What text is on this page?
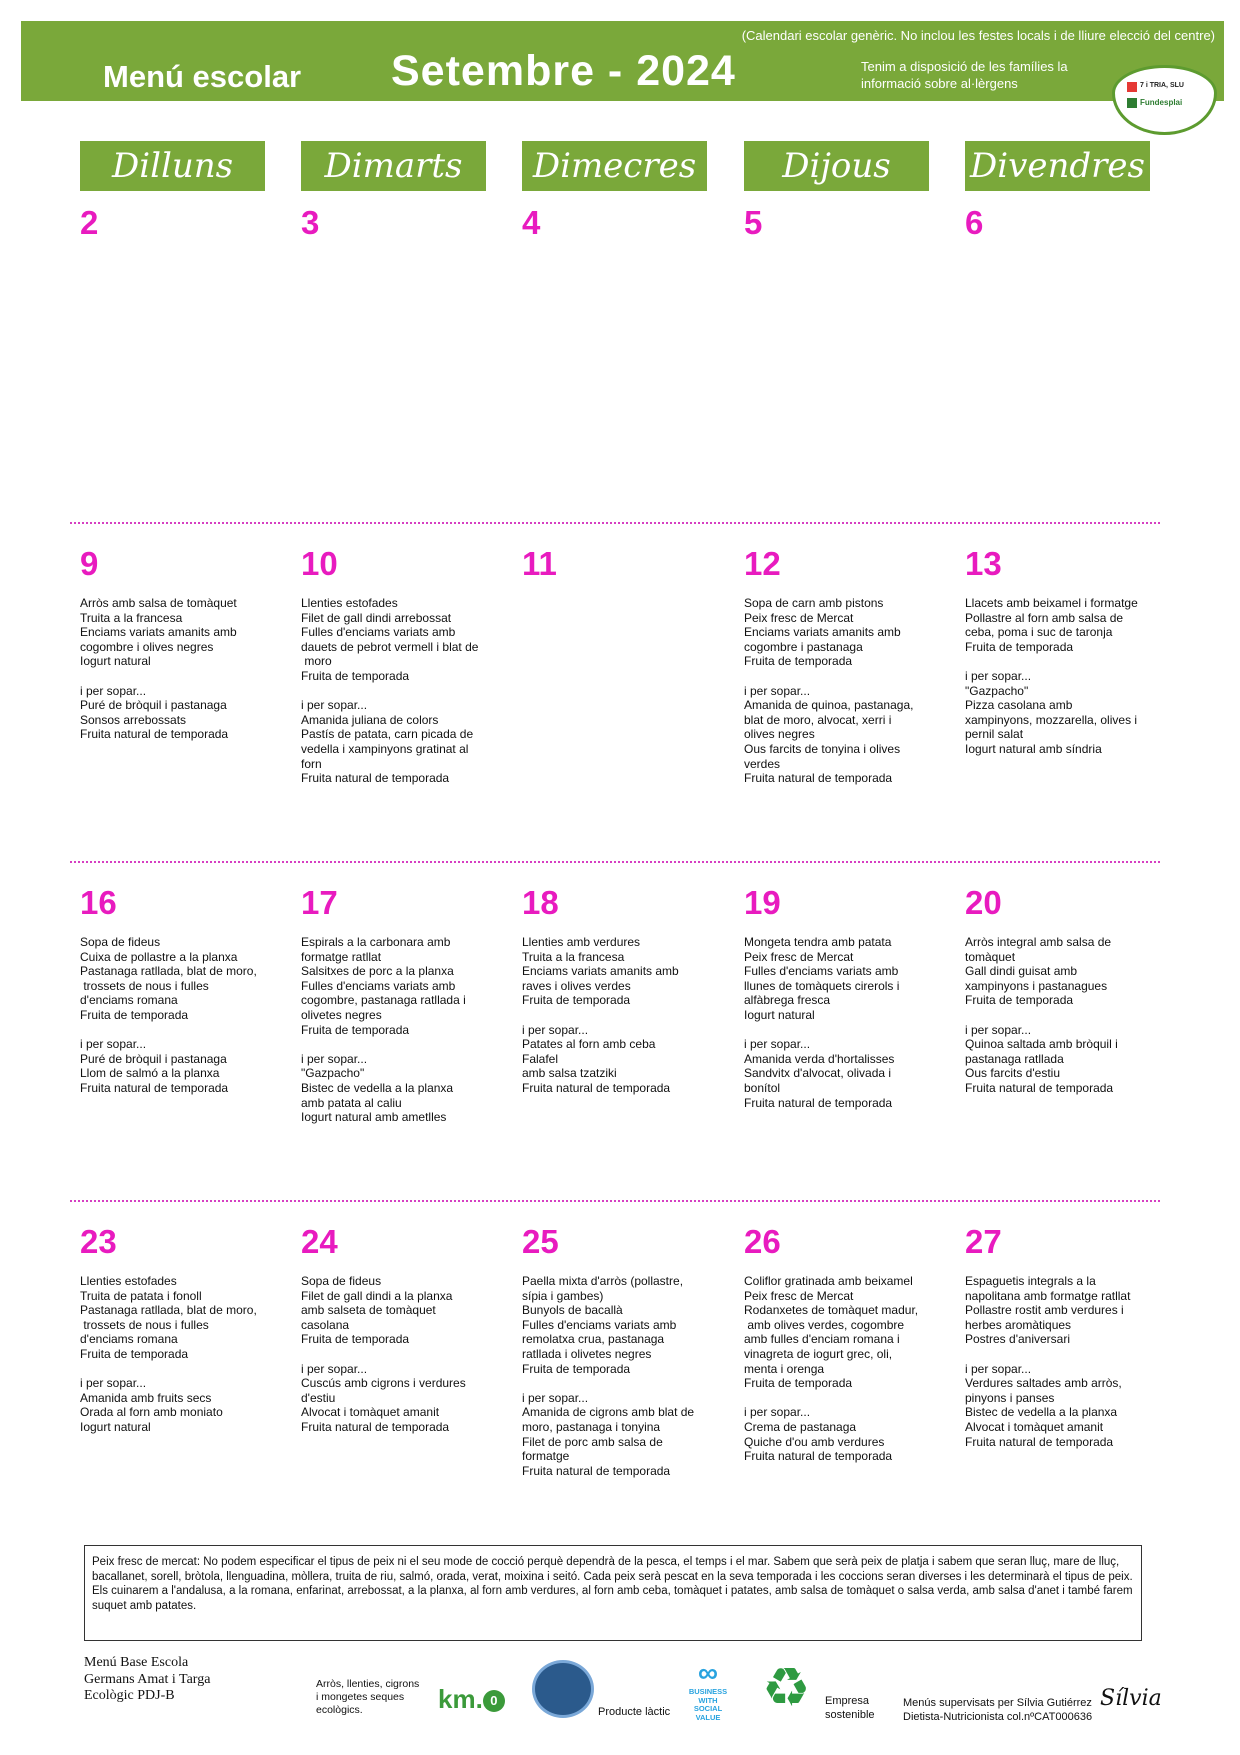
(Calendari escolar genèric. No inclou les festes locals i de lliure elecció del centre)
Menú escolar Setembre - 2024	Tenim a disposició de les famílies la informació sobre al·lèrgens	7 i TRIA, SLU
Fundesplai
Dilluns	Dimarts	Dimecres	Dijous	Divendres
2	3	4	5	6
9
Arròs amb salsa de tomàquet
Truita a la francesa
Enciams variats amanits amb
cogombre i olives negres
Iogurt natural
i per sopar...
Puré de bròquil i pastanaga
Sonsos arrebossats
Fruita natural de temporada
10
Llenties estofades
Filet de gall dindi arrebossat
Fulles d'enciams variats amb
dauets de pebrot vermell i blat de
moro
Fruita de temporada
i per sopar...
Amanida juliana de colors
Pastís de patata, carn picada de
vedella i xampinyons gratinat al
forn
Fruita natural de temporada
11	12
Sopa de carn amb pistons
Peix fresc de Mercat
Enciams variats amanits amb
cogombre i pastanaga
Fruita de temporada
i per sopar...
Amanida de quinoa, pastanaga,
blat de moro, alvocat, xerri i
olives negres
Ous farcits de tonyina i olives
verdes
Fruita natural de temporada
13
Llacets amb beixamel i formatge
Pollastre al forn amb salsa de
ceba, poma i suc de taronja
Fruita de temporada
i per sopar...
"Gazpacho"
Pizza casolana amb
xampinyons, mozzarella, olives i
pernil salat
Iogurt natural amb síndria
16
Sopa de fideus
Cuixa de pollastre a la planxa
Pastanaga ratllada, blat de moro,
trossets de nous i fulles
d'enciams romana
Fruita de temporada
i per sopar...
Puré de bròquil i pastanaga
Llom de salmó a la planxa
Fruita natural de temporada
17
Espirals a la carbonara amb
formatge ratllat
Salsitxes de porc a la planxa
Fulles d'enciams variats amb
cogombre, pastanaga ratllada i
olivetes negres
Fruita de temporada
i per sopar...
"Gazpacho"
Bistec de vedella a la planxa
amb patata al caliu
Iogurt natural amb ametlles
18
Llenties amb verdures
Truita a la francesa
Enciams variats amanits amb
raves i olives verdes
Fruita de temporada
i per sopar...
Patates al forn amb ceba
Falafel
amb salsa tzatziki
Fruita natural de temporada
19
Mongeta tendra amb patata
Peix fresc de Mercat
Fulles d'enciams variats amb
llunes de tomàquets cirerols i
alfàbrega fresca
Iogurt natural
i per sopar...
Amanida verda d'hortalisses
Sandvitx d'alvocat, olivada i
bonítol
Fruita natural de temporada
20
Arròs integral amb salsa de
tomàquet
Gall dindi guisat amb
xampinyons i pastanagues
Fruita de temporada
i per sopar...
Quinoa saltada amb bròquil i
pastanaga ratllada
Ous farcits d'estiu
Fruita natural de temporada
23
Llenties estofades
Truita de patata i fonoll
Pastanaga ratllada, blat de moro,
trossets de nous i fulles
d'enciams romana
Fruita de temporada
i per sopar...
Amanida amb fruits secs
Orada al forn amb moniato
Iogurt natural
24
Sopa de fideus
Filet de gall dindi a la planxa
amb salseta de tomàquet
casolana
Fruita de temporada
i per sopar...
Cuscús amb cigrons i verdures
d'estiu
Alvocat i tomàquet amanit
Fruita natural de temporada
25
Paella mixta d'arròs (pollastre,
sípia i gambes)
Bunyols de bacallà
Fulles d'enciams variats amb
remolatxa crua, pastanaga
ratllada i olivetes negres
Fruita de temporada
i per sopar...
Amanida de cigrons amb blat de
moro, pastanaga i tonyina
Filet de porc amb salsa de
formatge
Fruita natural de temporada
26
Coliflor gratinada amb beixamel
Peix fresc de Mercat
Rodanxetes de tomàquet madur,
amb olives verdes, cogombre
amb fulles d'enciam romana i
vinagreta de iogurt grec, oli,
menta i orenga
Fruita de temporada
i per sopar...
Crema de pastanaga
Quiche d'ou amb verdures
Fruita natural de temporada
27
Espaguetis integrals a la
napolitana amb formatge ratllat
Pollastre rostit amb verdures i
herbes aromàtiques
Postres d'aniversari
i per sopar...
Verdures saltades amb arròs,
pinyons i panses
Bistec de vedella a la planxa
Alvocat i tomàquet amanit
Fruita natural de temporada
Peix fresc de mercat: No podem especificar el tipus de peix ni el seu mode de cocció perquè dependrà de la pesca, el temps i el mar. Sabem que serà peix de platja i sabem que seran lluç, mare de lluç, bacallanet, sorell, bròtola, llenguadina, mòllera, truita de riu, salmó, orada, verat, moixina i seitó. Cada peix serà pescat en la seva temporada i les coccions seran diverses i les determinarà el tipus de peix. Els cuinarem a l'andalusa, a la romana, enfarinat, arrebossat, a la planxa, al forn amb verdures, al forn amb ceba, tomàquet i patates, amb salsa de tomàquet o salsa verda, amb salsa d'anet i també farem suquet amb patates.
Menú Base Escola
Germans Amat i Targa
Ecològic PDJ-B
Arròs, llenties, cigrons
i mongetes seques
ecològics.	km. 0
Producte làctic
∞
BUSINESS
WITH
SOCIAL
VALUE ♻ Empresa
sostenible
Menús supervisats per Sílvia Gutiérrez
Dietista-Nutricionista col.nºCAT000636
Sílvia
